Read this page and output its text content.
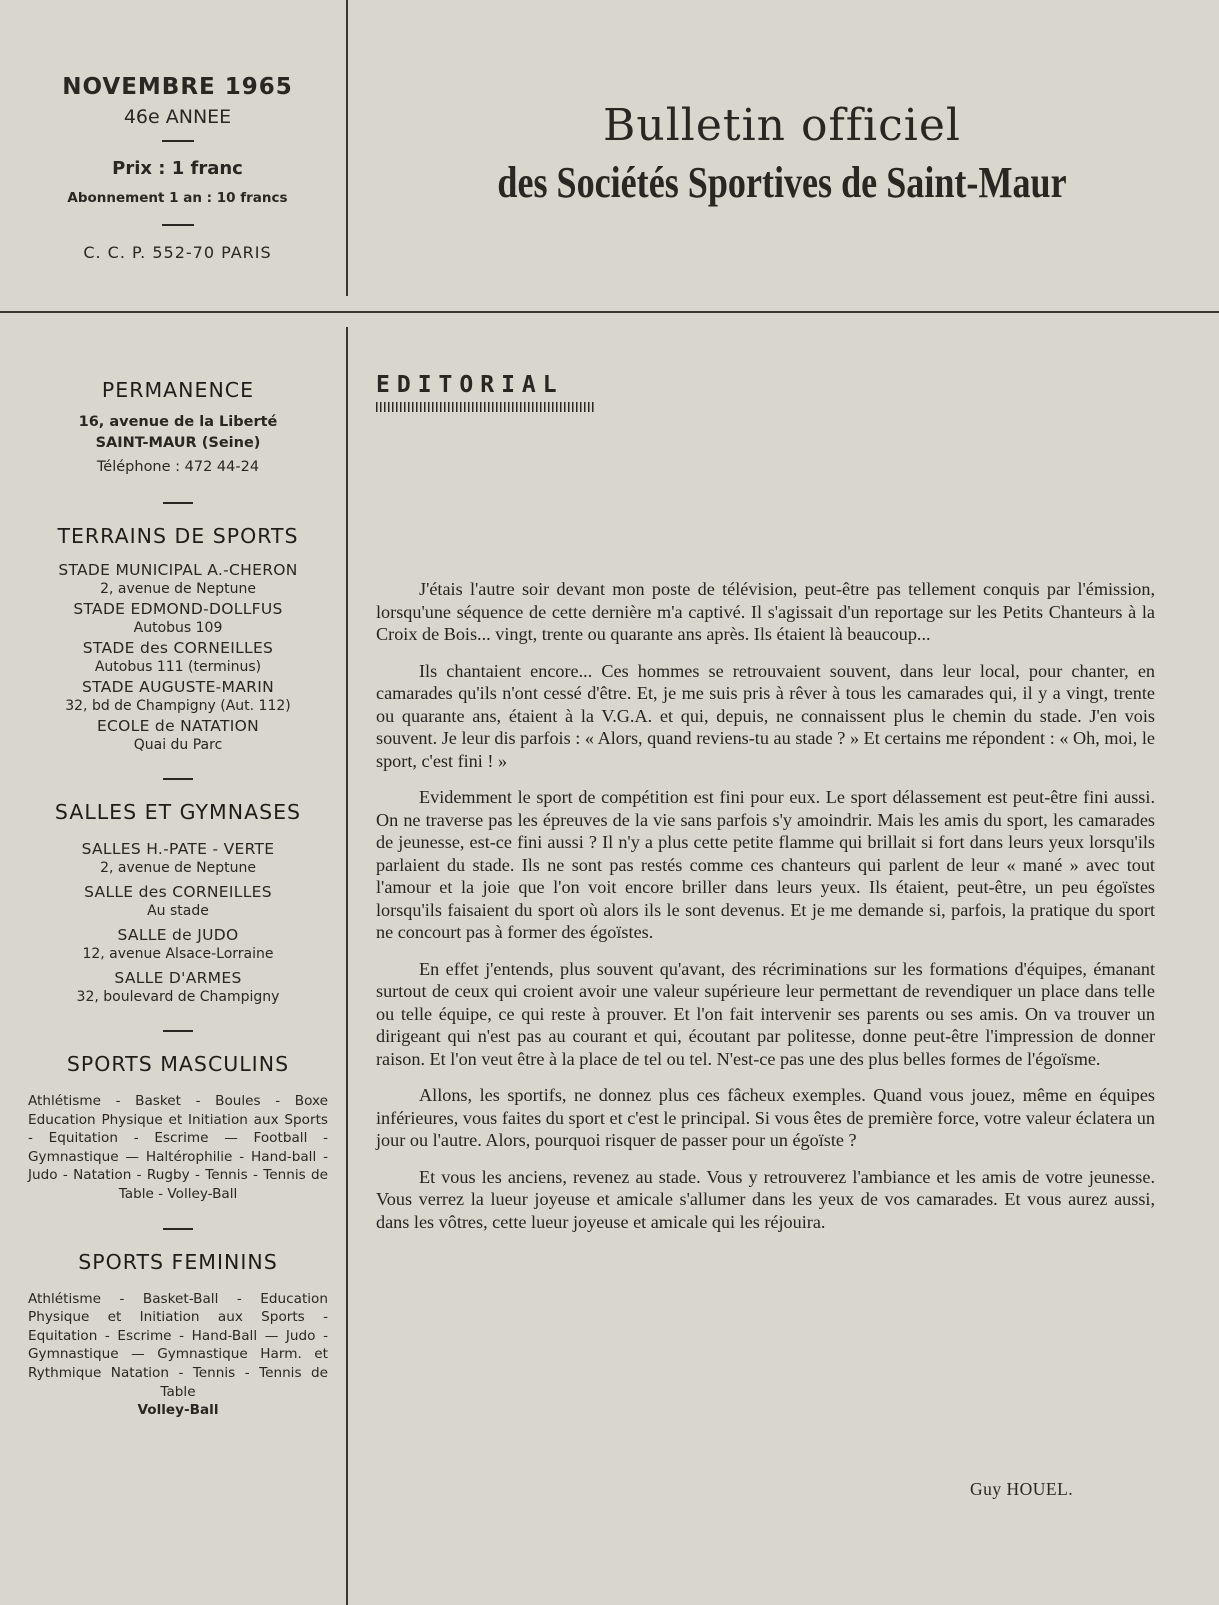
NOVEMBRE 1965
46e ANNEE
Prix : 1 franc
Abonnement 1 an : 10 francs
C. C. P. 552-70 PARIS
Bulletin officiel
des Sociétés Sportives de Saint-Maur
PERMANENCE
16, avenue de la Liberté
SAINT-MAUR (Seine)
Téléphone : 472 44-24
TERRAINS DE SPORTS
STADE MUNICIPAL A.-CHERON
2, avenue de Neptune
STADE EDMOND-DOLLFUS
Autobus 109
STADE des CORNEILLES
Autobus 111 (terminus)
STADE AUGUSTE-MARIN
32, bd de Champigny (Aut. 112)
ECOLE de NATATION
Quai du Parc
SALLES ET GYMNASES
SALLES H.-PATE - VERTE
2, avenue de Neptune
SALLE des CORNEILLES
Au stade
SALLE de JUDO
12, avenue Alsace-Lorraine
SALLE D'ARMES
32, boulevard de Champigny
SPORTS MASCULINS
Athlétisme - Basket - Boules - Boxe Education Physique et Initiation aux Sports - Equitation - Escrime — Football - Gymnastique — Haltérophilie - Hand-ball - Judo - Natation - Rugby - Tennis - Tennis de Table - Volley-Ball
SPORTS FEMININS
Athlétisme - Basket-Ball - Education Physique et Initiation aux Sports - Equitation - Escrime - Hand-Ball — Judo - Gymnastique — Gymnastique Harm. et Rythmique Natation - Tennis - Tennis de Table
Volley-Ball
EDITORIAL

J'étais l'autre soir devant mon poste de télévision, peut-être pas tellement conquis par l'émission, lorsqu'une séquence de cette dernière m'a captivé. Il s'agissait d'un reportage sur les Petits Chanteurs à la Croix de Bois... vingt, trente ou quarante ans après. Ils étaient là beaucoup...

Ils chantaient encore... Ces hommes se retrouvaient souvent, dans leur local, pour chanter, en camarades qu'ils n'ont cessé d'être. Et, je me suis pris à rêver à tous les camarades qui, il y a vingt, trente ou quarante ans, étaient à la V.G.A. et qui, depuis, ne connaissent plus le chemin du stade. J'en vois souvent. Je leur dis parfois : « Alors, quand reviens-tu au stade ? » Et certains me répondent : « Oh, moi, le sport, c'est fini ! »

Evidemment le sport de compétition est fini pour eux. Le sport délassement est peut-être fini aussi. On ne traverse pas les épreuves de la vie sans parfois s'y amoindrir. Mais les amis du sport, les camarades de jeunesse, est-ce fini aussi ? Il n'y a plus cette petite flamme qui brillait si fort dans leurs yeux lorsqu'ils parlaient du stade. Ils ne sont pas restés comme ces chanteurs qui parlent de leur « mané » avec tout l'amour et la joie que l'on voit encore briller dans leurs yeux. Ils étaient, peut-être, un peu égoïstes lorsqu'ils faisaient du sport où alors ils le sont devenus. Et je me demande si, parfois, la pratique du sport ne concourt pas à former des égoïstes.

En effet j'entends, plus souvent qu'avant, des récriminations sur les formations d'équipes, émanant surtout de ceux qui croient avoir une valeur supérieure leur permettant de revendiquer un place dans telle ou telle équipe, ce qui reste à prouver. Et l'on fait intervenir ses parents ou ses amis. On va trouver un dirigeant qui n'est pas au courant et qui, écoutant par politesse, donne peut-être l'impression de donner raison. Et l'on veut être à la place de tel ou tel. N'est-ce pas une des plus belles formes de l'égoïsme.

Allons, les sportifs, ne donnez plus ces fâcheux exemples. Quand vous jouez, même en équipes inférieures, vous faites du sport et c'est le principal. Si vous êtes de première force, votre valeur éclatera un jour ou l'autre. Alors, pourquoi risquer de passer pour un égoïste ?

Et vous les anciens, revenez au stade. Vous y retrouverez l'ambiance et les amis de votre jeunesse. Vous verrez la lueur joyeuse et amicale s'allumer dans les yeux de vos camarades. Et vous aurez aussi, dans les vôtres, cette lueur joyeuse et amicale qui les réjouira.

Guy HOUEL.
